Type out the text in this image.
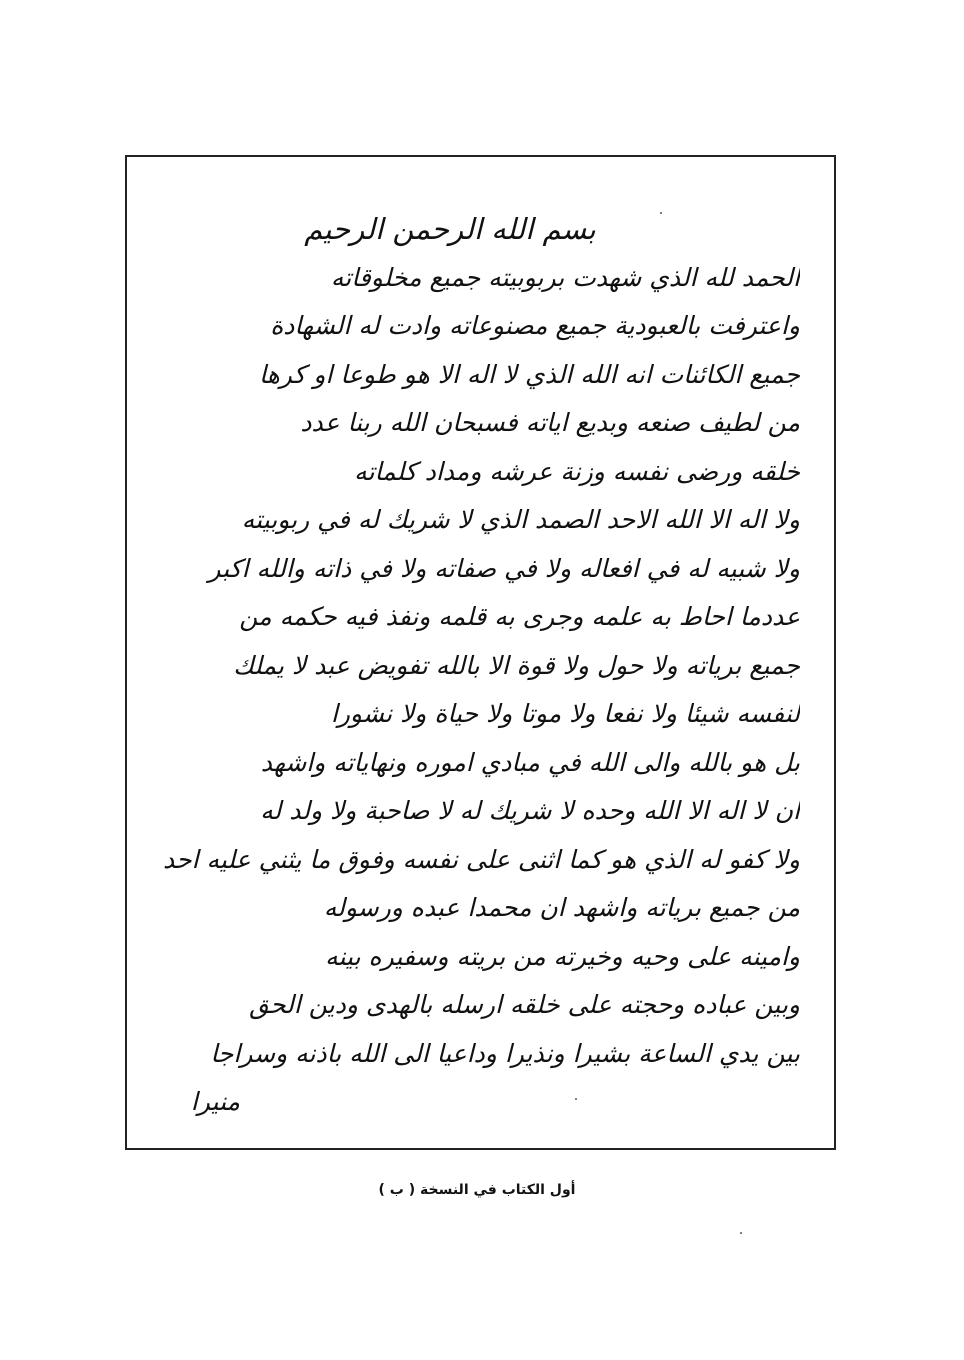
بسم الله الرحمن الرحيم
الحمد لله الذي شهدت بربوبيته جميع مخلوقاته
واعترفت بالعبودية جميع مصنوعاته وادت له الشهادة
جميع الكائنات انه الله الذي لا اله الا هو طوعا او كرها
من لطيف صنعه وبديع اياته فسبحان الله ربنا عدد
خلقه ورضى نفسه وزنة عرشه ومداد كلماته
ولا اله الا الله الاحد الصمد الذي لا شريك له في ربوبيته
ولا شبيه له في افعاله ولا في صفاته ولا في ذاته والله اكبر
عددما احاط به علمه وجرى به قلمه ونفذ فيه حكمه من
جميع برياته ولا حول ولا قوة الا بالله تفويض عبد لا يملك
لنفسه شيئا ولا نفعا ولا موتا ولا حياة ولا نشورا
بل هو بالله والى الله في مبادي اموره ونهاياته واشهد
ان لا اله الا الله وحده لا شريك له لا صاحبة ولا ولد له
ولا كفو له الذي هو كما اثنى على نفسه وفوق ما يثني عليه احد
من جميع برياته واشهد ان محمدا عبده ورسوله
وامينه على وحيه وخيرته من بريته وسفيره بينه
وبين عباده وحجته على خلقه ارسله بالهدى ودين الحق
بين يدي الساعة بشيرا ونذيرا وداعيا الى الله باذنه وسراجا
منيرا
أول الكتاب في النسخة ( ب )
